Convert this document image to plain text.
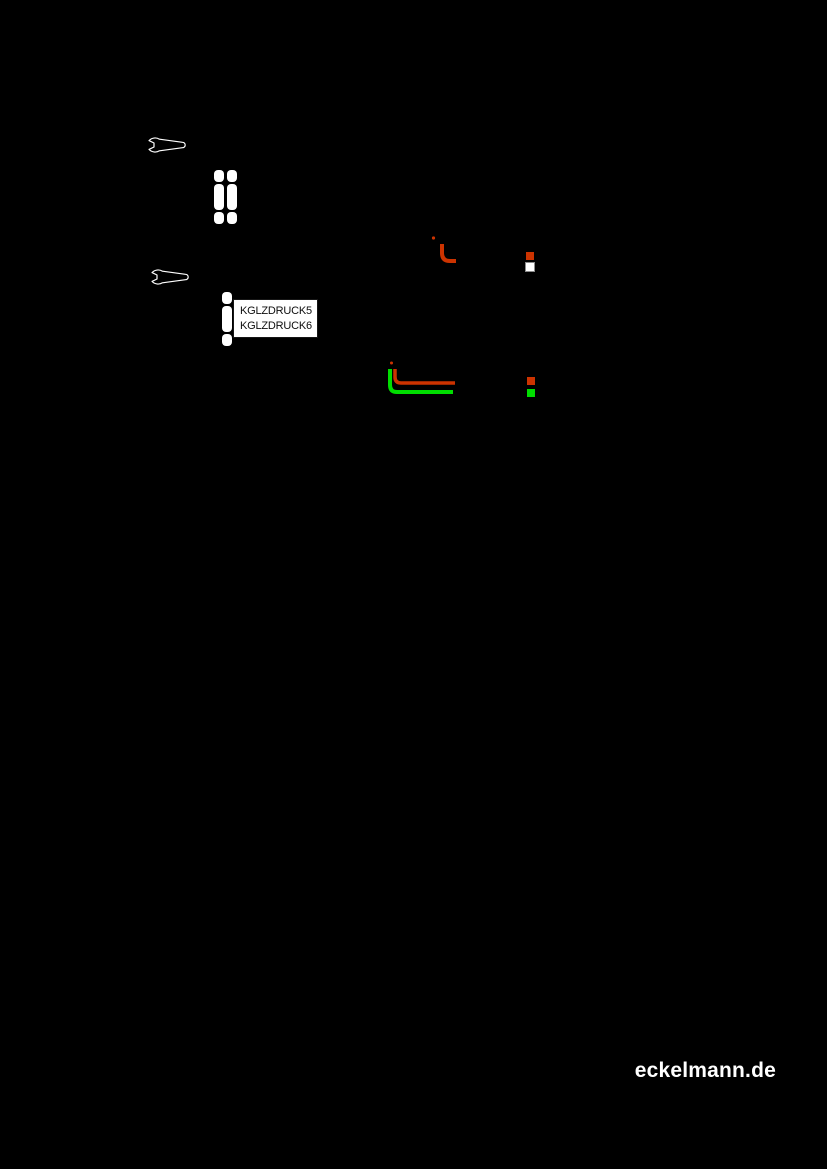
KGLZDRUCK5
KGLZDRUCK6
eckelmann.de
